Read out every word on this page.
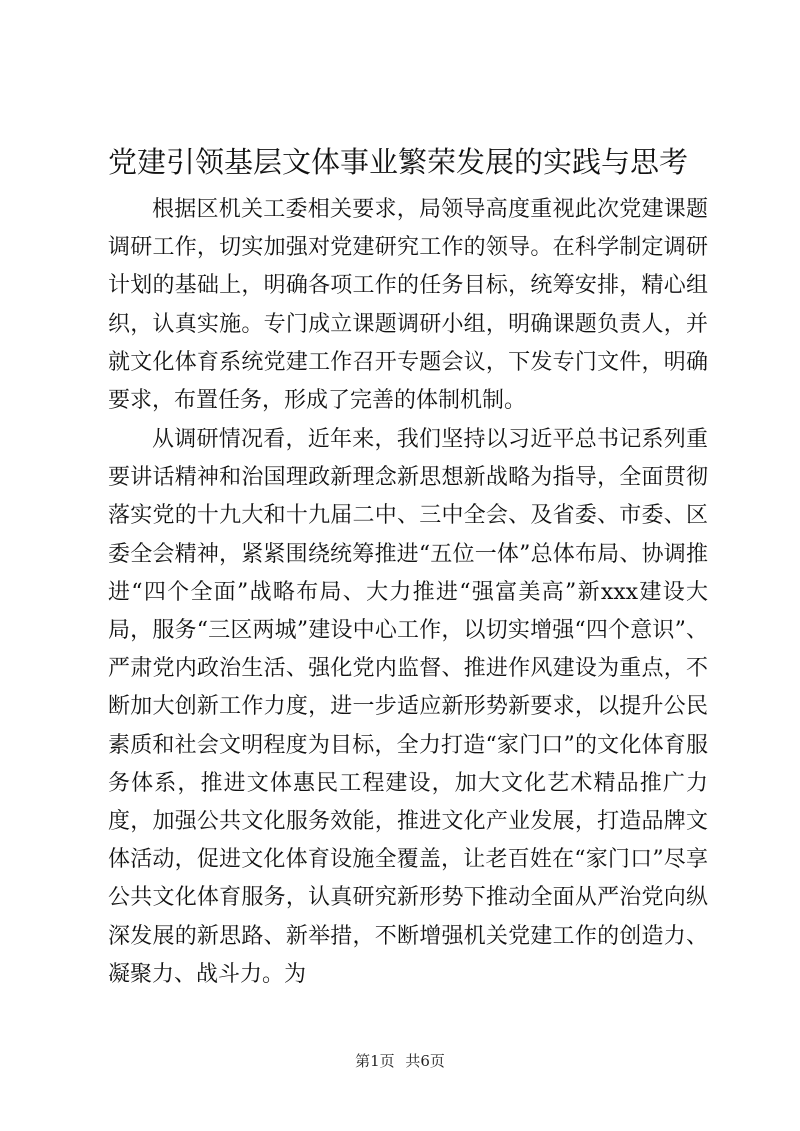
党建引领基层文体事业繁荣发展的实践与思考

根据区机关工委相关要求，局领导高度重视此次党建课题调研工作，切实加强对党建研究工作的领导。在科学制定调研计划的基础上，明确各项工作的任务目标，统筹安排，精心组织，认真实施。专门成立课题调研小组，明确课题负责人，并就文化体育系统党建工作召开专题会议，下发专门文件，明确要求，布置任务，形成了完善的体制机制。

从调研情况看，近年来，我们坚持以习近平总书记系列重要讲话精神和治国理政新理念新思想新战略为指导，全面贯彻落实党的十九大和十九届二中、三中全会、及省委、市委、区委全会精神，紧紧围绕统筹推进“五位一体”总体布局、协调推进“四个全面”战略布局、大力推进“强富美高”新xxx建设大局，服务“三区两城”建设中心工作，以切实增强“四个意识”、严肃党内政治生活、强化党内监督、推进作风建设为重点，不断加大创新工作力度，进一步适应新形势新要求，以提升公民素质和社会文明程度为目标，全力打造“家门口”的文化体育服务体系，推进文体惠民工程建设，加大文化艺术精品推广力度，加强公共文化服务效能，推进文化产业发展，打造品牌文体活动，促进文化体育设施全覆盖，让老百姓在“家门口”尽享公共文化体育服务，认真研究新形势下推动全面从严治党向纵深发展的新思路、新举措，不断增强机关党建工作的创造力、凝聚力、战斗力。为

第1页 共6页
